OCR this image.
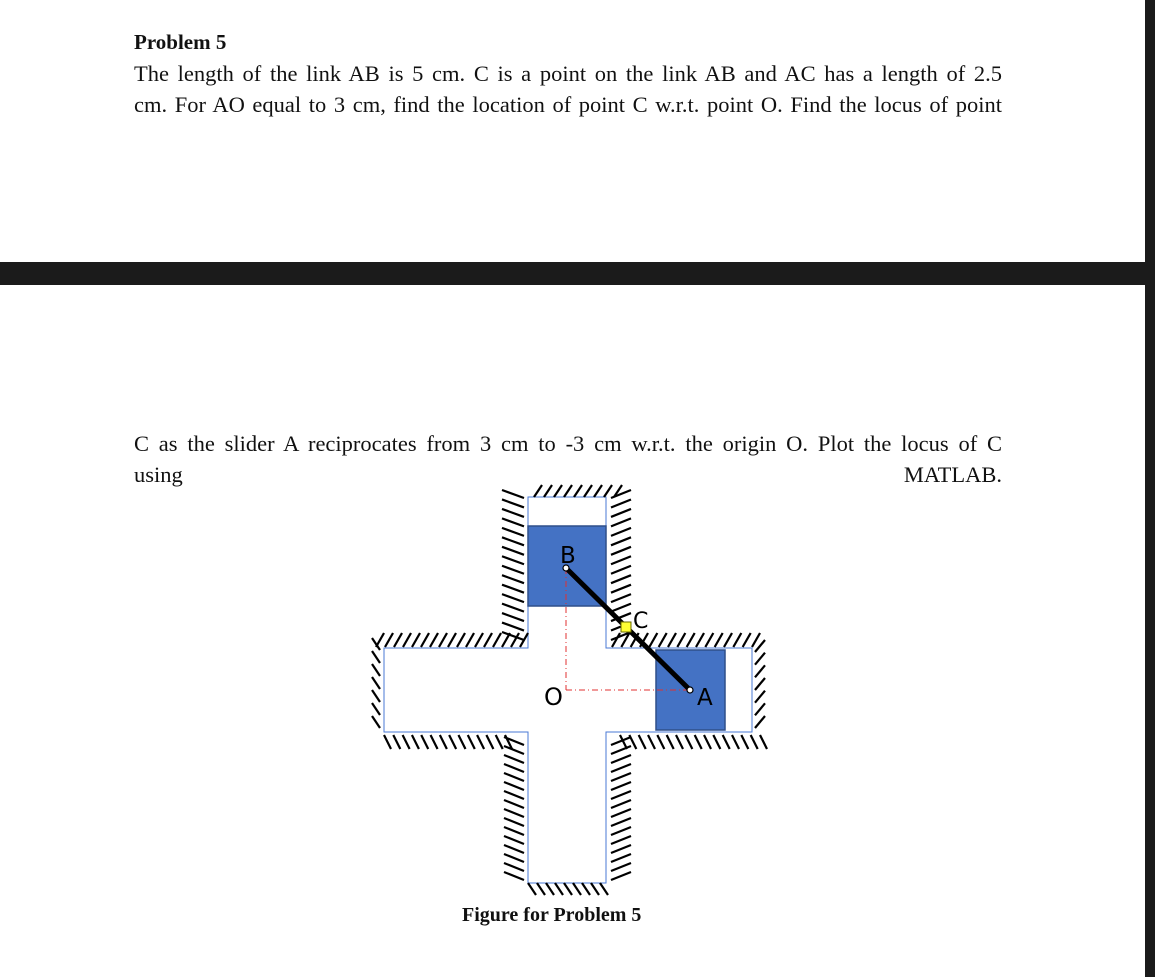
Problem 5

The length of the link AB is 5 cm. C is a point on the link AB and AC has a length of 2.5
cm. For AO equal to 3 cm, find the location of point C w.r.t. point O. Find the locus of point

C as the slider A reciprocates from 3 cm to -3 cm w.r.t. the origin O. Plot the locus of C
using MATLAB.

B
C
O	A

Figure for Problem 5
